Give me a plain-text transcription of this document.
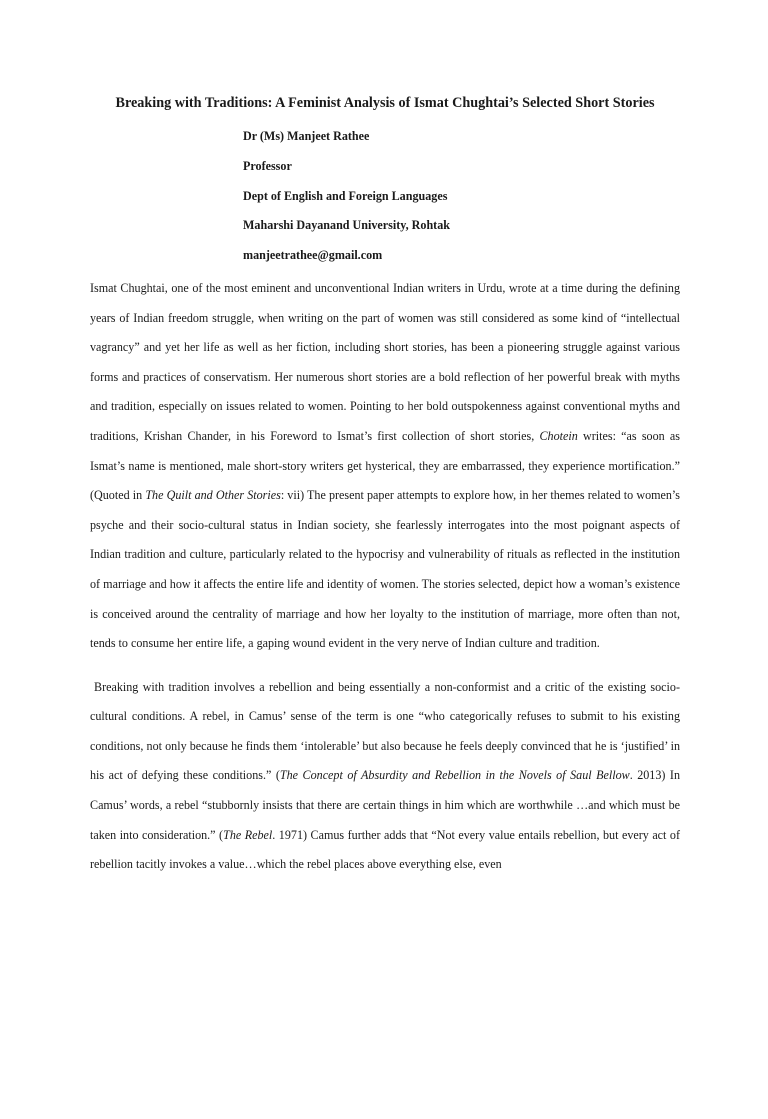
Breaking with Traditions: A Feminist Analysis of Ismat Chughtai’s Selected Short Stories
Dr (Ms) Manjeet Rathee
Professor
Dept of English and Foreign Languages
Maharshi Dayanand University, Rohtak
manjeetrathee@gmail.com

Ismat Chughtai, one of the most eminent and unconventional Indian writers in Urdu, wrote at a time during the defining years of Indian freedom struggle, when writing on the part of women was still considered as some kind of “intellectual vagrancy” and yet her life as well as her fiction, including short stories, has been a pioneering struggle against various forms and practices of conservatism. Her numerous short stories are a bold reflection of her powerful break with myths and tradition, especially on issues related to women. Pointing to her bold outspokenness against conventional myths and traditions, Krishan Chander, in his Foreword to Ismat’s first collection of short stories, Chotein writes: “as soon as Ismat’s name is mentioned, male short-story writers get hysterical, they are embarrassed, they experience mortification.” (Quoted in The Quilt and Other Stories: vii) The present paper attempts to explore how, in her themes related to women’s psyche and their socio-cultural status in Indian society, she fearlessly interrogates into the most poignant aspects of Indian tradition and culture, particularly related to the hypocrisy and vulnerability of rituals as reflected in the institution of marriage and how it affects the entire life and identity of women. The stories selected, depict how a woman’s existence is conceived around the centrality of marriage and how her loyalty to the institution of marriage, more often than not, tends to consume her entire life, a gaping wound evident in the very nerve of Indian culture and tradition.

Breaking with tradition involves a rebellion and being essentially a non-conformist and a critic of the existing socio-cultural conditions. A rebel, in Camus’ sense of the term is one “who categorically refuses to submit to his existing conditions, not only because he finds them ‘intolerable’ but also because he feels deeply convinced that he is ‘justified’ in his act of defying these conditions.” (The Concept of Absurdity and Rebellion in the Novels of Saul Bellow. 2013) In Camus’ words, a rebel “stubbornly insists that there are certain things in him which are worthwhile …and which must be taken into consideration.” (The Rebel. 1971) Camus further adds that “Not every value entails rebellion, but every act of rebellion tacitly invokes a value…which the rebel places above everything else, even
